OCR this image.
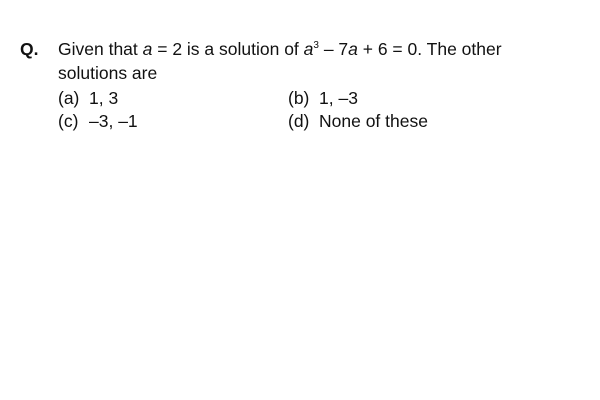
Q. Given that a = 2 is a solution of $a^3 - 7a + 6 = 0$. The other
solutions are
(a) 1, 3	(b) 1, –3
(c) –3, –1	(d) None of these
